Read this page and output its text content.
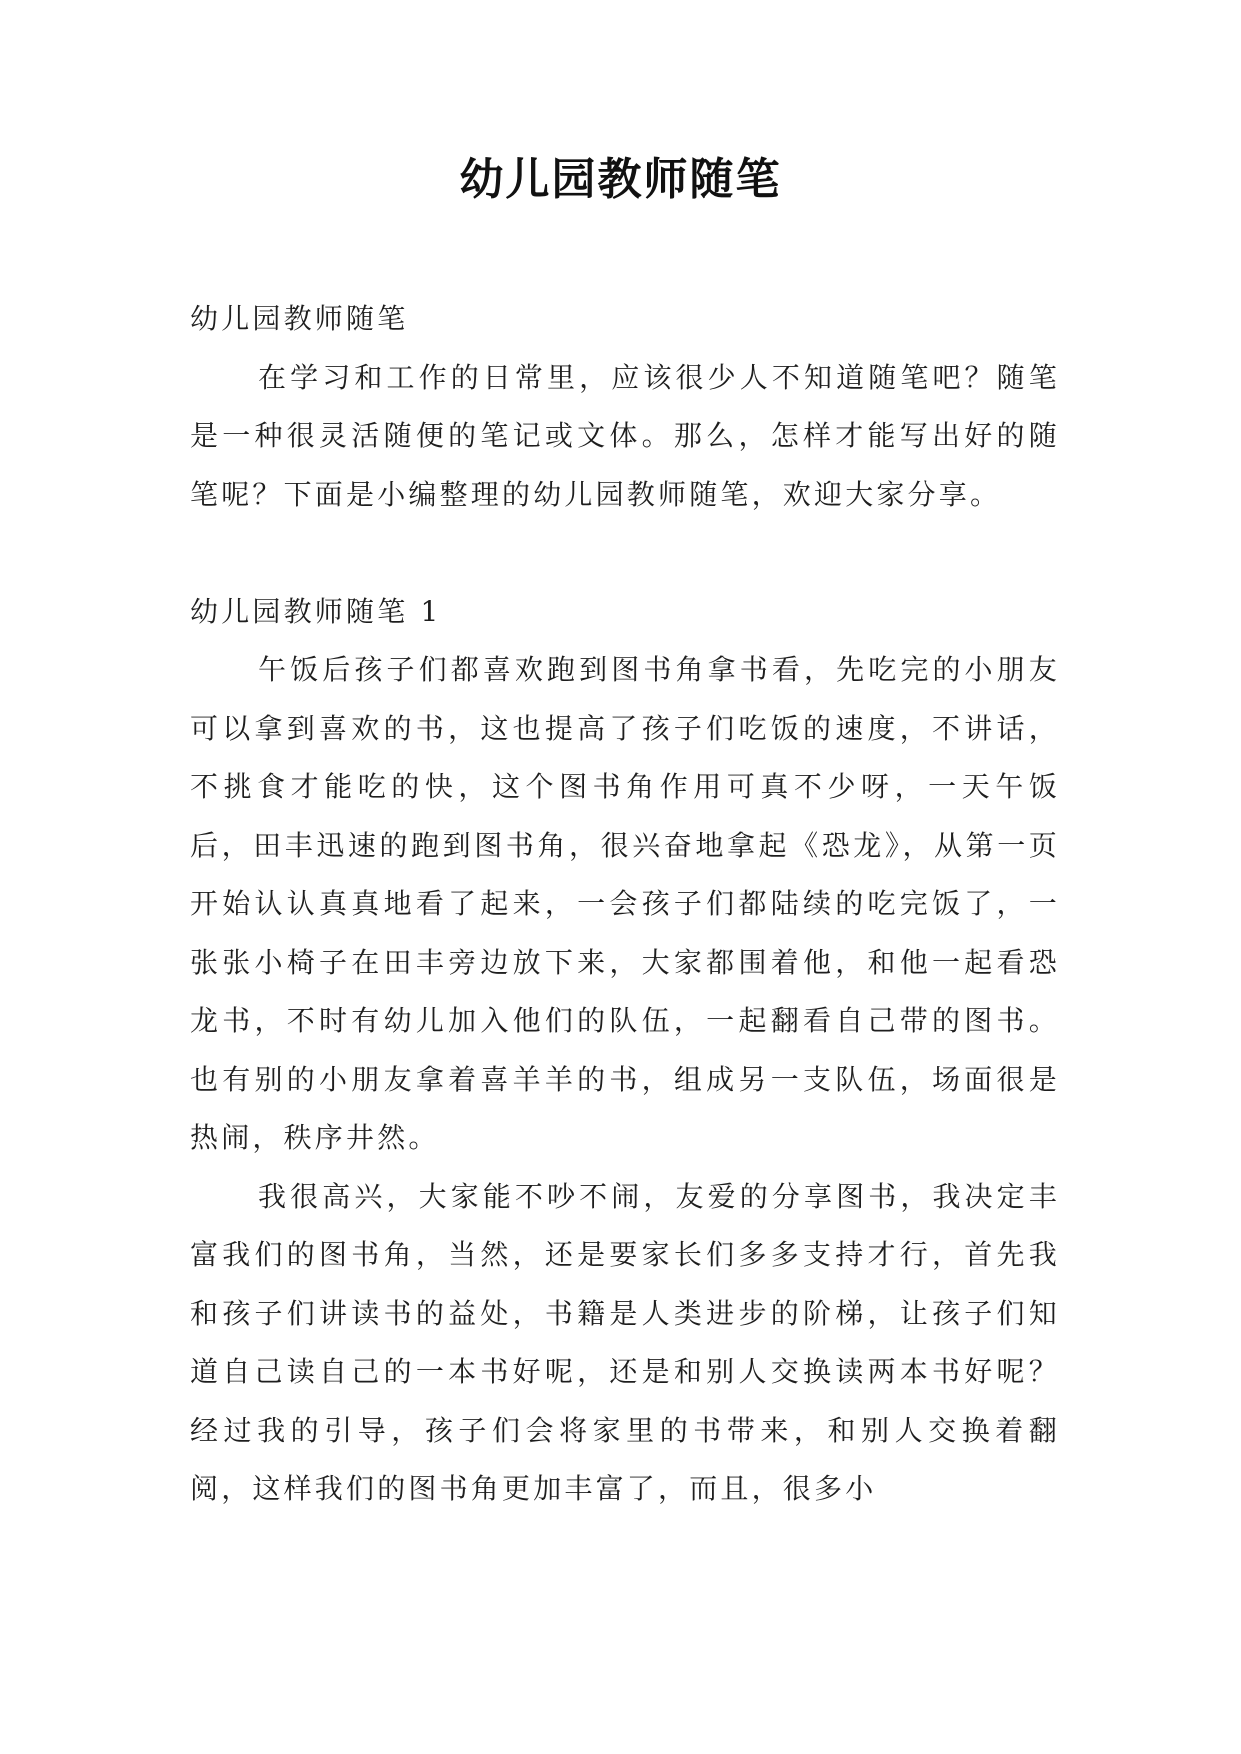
幼儿园教师随笔

幼儿园教师随笔

在学习和工作的日常里，应该很少人不知道随笔吧？随笔是一种很灵活随便的笔记或文体。那么，怎样才能写出好的随笔呢？下面是小编整理的幼儿园教师随笔，欢迎大家分享。

幼儿园教师随笔 1

午饭后孩子们都喜欢跑到图书角拿书看，先吃完的小朋友可以拿到喜欢的书，这也提高了孩子们吃饭的速度，不讲话，不挑食才能吃的快，这个图书角作用可真不少呀，一天午饭后，田丰迅速的跑到图书角，很兴奋地拿起《恐龙》，从第一页开始认认真真地看了起来，一会孩子们都陆续的吃完饭了，一张张小椅子在田丰旁边放下来，大家都围着他，和他一起看恐龙书，不时有幼儿加入他们的队伍，一起翻看自己带的图书。也有别的小朋友拿着喜羊羊的书，组成另一支队伍，场面很是热闹，秩序井然。

我很高兴，大家能不吵不闹，友爱的分享图书，我决定丰富我们的图书角，当然，还是要家长们多多支持才行，首先我和孩子们讲读书的益处，书籍是人类进步的阶梯，让孩子们知道自己读自己的一本书好呢，还是和别人交换读两本书好呢？经过我的引导，孩子们会将家里的书带来，和别人交换着翻阅，这样我们的图书角更加丰富了，而且，很多小
